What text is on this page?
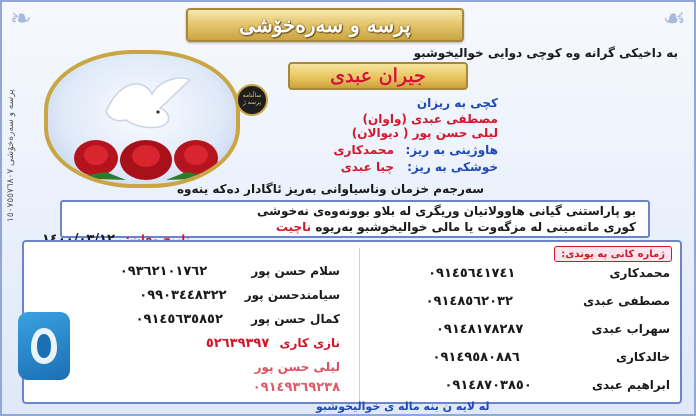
❧	☙
پرسه و سه‌ره‌خۆشی
پرسه‌ و سه‌ره‌خۆشی ١٥٠٧٥٥٧٦٨٠٧	ساڵنامه‌ پرسه‌ ژ
به‌ داخیکی گرانه‌ وه‌ کوچی دوایی خوالیخوشبو
جیران عبدی
کچی به‌ ریزان
مصطفی عبدی (واوان)
لیلی حسن پور ( دیوالان)
هاوژینی به‌ ریز:
محمدکاری
خوشکی به‌ ریز:
چیا عبدی
سه‌رجه‌م خزمان وناسیاوانی به‌ریز ئاگادار ده‌که‌ ینه‌وه‌
بو پاراستنی گیانی هاوولاتیان وریگری له‌ بلاو بوونه‌وه‌ی نه‌خوشی
کوری ماته‌مینی له‌ مزگه‌وت یا مالی خوالیخوشبو به‌ریوه‌ ناچیت
ژماره‌ کانی په‌ یوندی:
محمدکاری ٠٩١٤٥٦٤١٧٤١
مصطفی عبدی ٠٩١٤٨٥٦٢٠٣٢
سهراب عبدی ٠٩١٤٨١٧٨٢٨٧
خالدکاری ٠٩١٤٩٥٨٠٨٨٦
ابراهیم عبدی ٠٩١٤٨٧٠٣٨٥٠
سلام حسن پور ٠٩٣٦٢١٠١٧٦٢
سیامندحسن پور ٠٩٩٠٣٤٤٨٣٢٢
کمال حسن پور ٠٩١٤٥٦٣٥٨٥٢
نازی کاری ٥٢٦٣٩٣٩٧
لیلی حسن پور
٠٩١٤٩٣٦٩٢٣٨
له‌ لایه‌ ن بنه‌ ماله‌ ی خوالیخوشبو
